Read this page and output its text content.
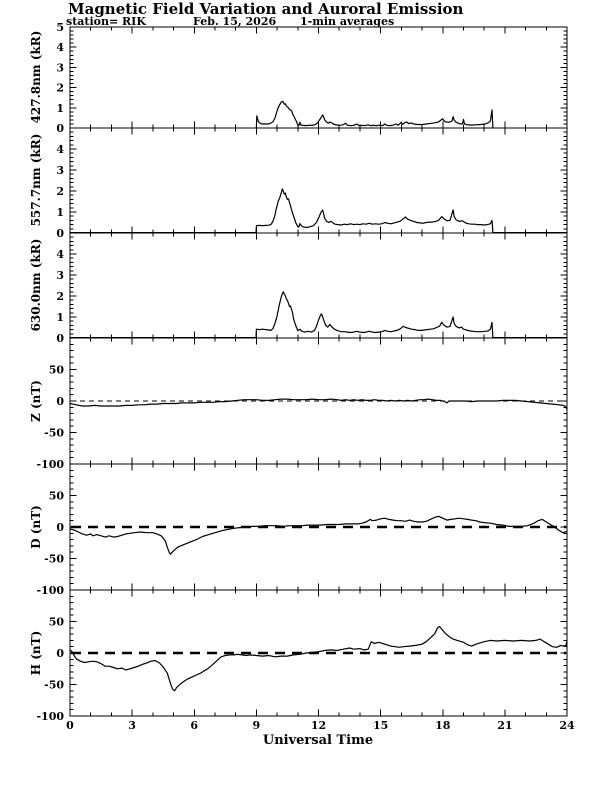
Magnetic Field Variation and Auroral Emission
station= RIK	Feb. 15, 2026 1-min averages
0
1
2
3
4
5
0
1
2
3
4
0
1
2
3
4
-100
-50
0
50
-100
-50
0
50
-100
-50
0
50
0	3	6	9	12	15	18	21	24
427.8nm (kR)
557.7nm (kR)
630.0nm (kR)
Z (nT)
D (nT)
H (nT)
Universal Time
